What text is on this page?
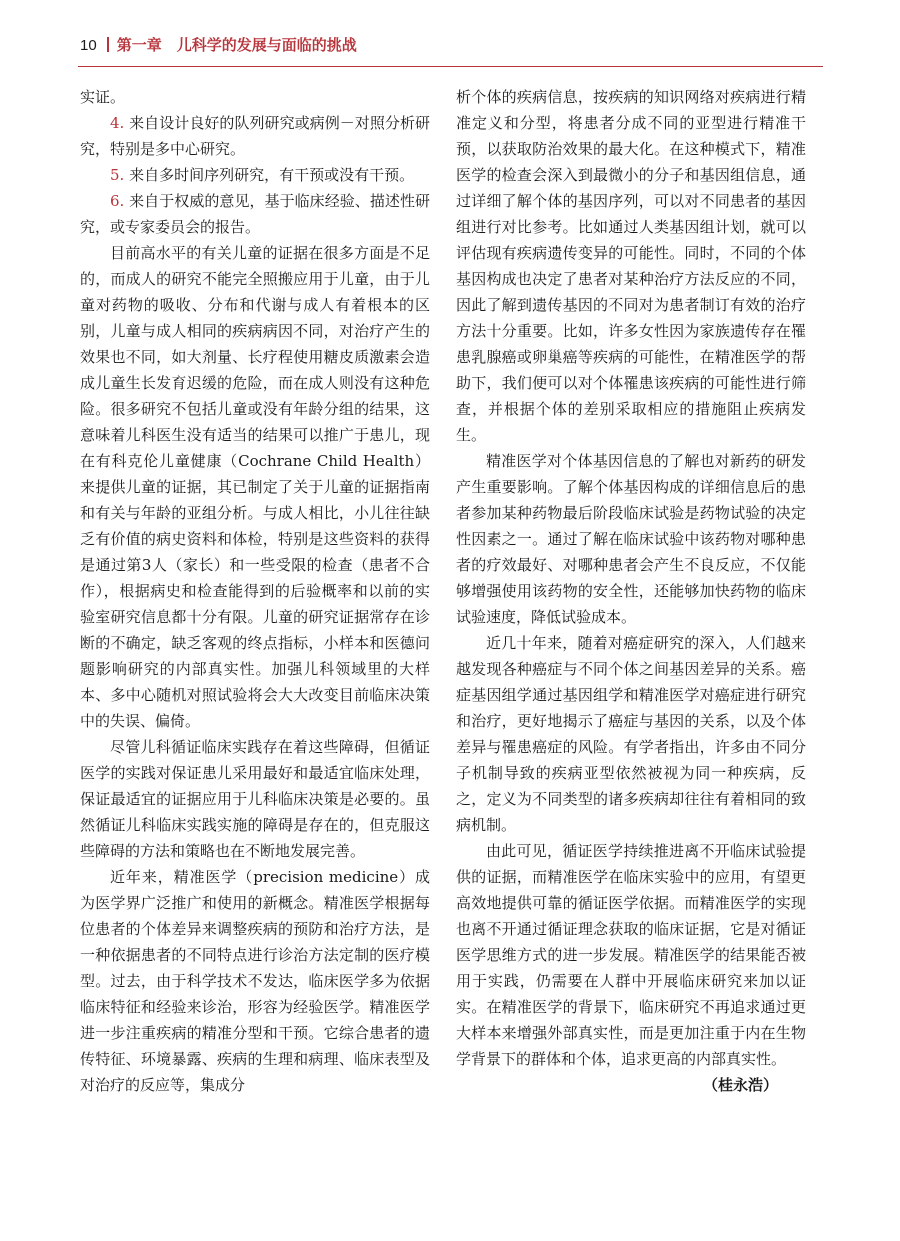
10 第一章　儿科学的发展与面临的挑战

实证。

4. 来自设计良好的队列研究或病例－对照分析研究，特别是多中心研究。

5. 来自多时间序列研究，有干预或没有干预。

6. 来自于权威的意见，基于临床经验、描述性研究，或专家委员会的报告。

目前高水平的有关儿童的证据在很多方面是不足的，而成人的研究不能完全照搬应用于儿童，由于儿童对药物的吸收、分布和代谢与成人有着根本的区别，儿童与成人相同的疾病病因不同，对治疗产生的效果也不同，如大剂量、长疗程使用糖皮质激素会造成儿童生长发育迟缓的危险，而在成人则没有这种危险。很多研究不包括儿童或没有年龄分组的结果，这意味着儿科医生没有适当的结果可以推广于患儿，现在有科克伦儿童健康（Cochrane Child Health）来提供儿童的证据，其已制定了关于儿童的证据指南和有关与年龄的亚组分析。与成人相比，小儿往往缺乏有价值的病史资料和体检，特别是这些资料的获得是通过第3人（家长）和一些受限的检查（患者不合作），根据病史和检查能得到的后验概率和以前的实验室研究信息都十分有限。儿童的研究证据常存在诊断的不确定，缺乏客观的终点指标，小样本和医德问题影响研究的内部真实性。加强儿科领域里的大样本、多中心随机对照试验将会大大改变目前临床决策中的失误、偏倚。

尽管儿科循证临床实践存在着这些障碍，但循证医学的实践对保证患儿采用最好和最适宜临床处理，保证最适宜的证据应用于儿科临床决策是必要的。虽然循证儿科临床实践实施的障碍是存在的，但克服这些障碍的方法和策略也在不断地发展完善。

近年来，精准医学（precision medicine）成为医学界广泛推广和使用的新概念。精准医学根据每位患者的个体差异来调整疾病的预防和治疗方法，是一种依据患者的不同特点进行诊治方法定制的医疗模型。过去，由于科学技术不发达，临床医学多为依据临床特征和经验来诊治，形容为经验医学。精准医学进一步注重疾病的精准分型和干预。它综合患者的遗传特征、环境暴露、疾病的生理和病理、临床表型及对治疗的反应等，集成分

析个体的疾病信息，按疾病的知识网络对疾病进行精准定义和分型，将患者分成不同的亚型进行精准干预，以获取防治效果的最大化。在这种模式下，精准医学的检查会深入到最微小的分子和基因组信息，通过详细了解个体的基因序列，可以对不同患者的基因组进行对比参考。比如通过人类基因组计划，就可以评估现有疾病遗传变异的可能性。同时，不同的个体基因构成也决定了患者对某种治疗方法反应的不同，因此了解到遗传基因的不同对为患者制订有效的治疗方法十分重要。比如，许多女性因为家族遗传存在罹患乳腺癌或卵巢癌等疾病的可能性，在精准医学的帮助下，我们便可以对个体罹患该疾病的可能性进行筛查，并根据个体的差别采取相应的措施阻止疾病发生。

精准医学对个体基因信息的了解也对新药的研发产生重要影响。了解个体基因构成的详细信息后的患者参加某种药物最后阶段临床试验是药物试验的决定性因素之一。通过了解在临床试验中该药物对哪种患者的疗效最好、对哪种患者会产生不良反应，不仅能够增强使用该药物的安全性，还能够加快药物的临床试验速度，降低试验成本。

近几十年来，随着对癌症研究的深入，人们越来越发现各种癌症与不同个体之间基因差异的关系。癌症基因组学通过基因组学和精准医学对癌症进行研究和治疗，更好地揭示了癌症与基因的关系，以及个体差异与罹患癌症的风险。有学者指出，许多由不同分子机制导致的疾病亚型依然被视为同一种疾病，反之，定义为不同类型的诸多疾病却往往有着相同的致病机制。

由此可见，循证医学持续推进离不开临床试验提供的证据，而精准医学在临床实验中的应用，有望更高效地提供可靠的循证医学依据。而精准医学的实现也离不开通过循证理念获取的临床证据，它是对循证医学思维方式的进一步发展。精准医学的结果能否被用于实践，仍需要在人群中开展临床研究来加以证实。在精准医学的背景下，临床研究不再追求通过更大样本来增强外部真实性，而是更加注重于内在生物学背景下的群体和个体，追求更高的内部真实性。

（桂永浩）
